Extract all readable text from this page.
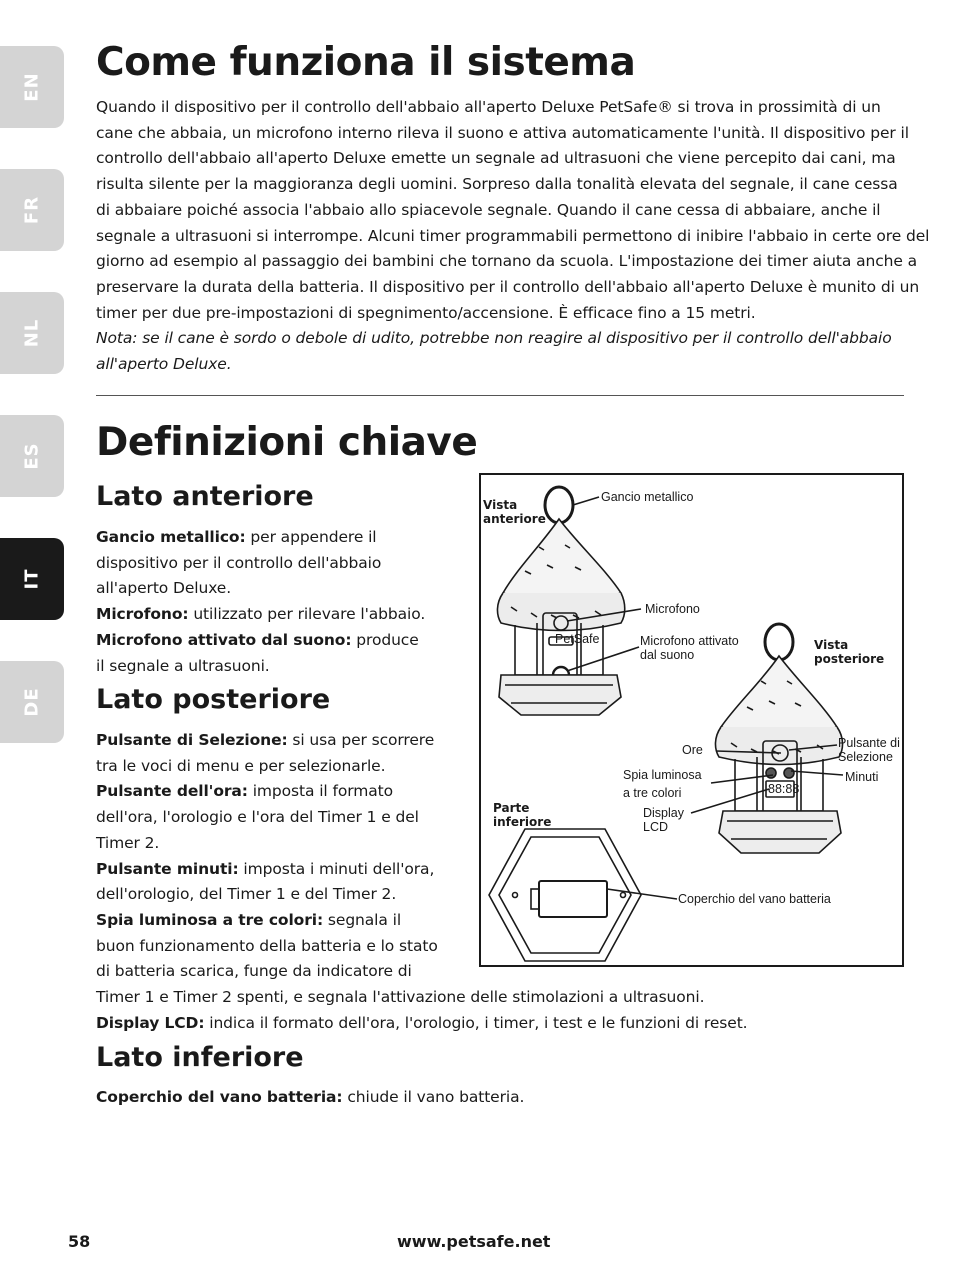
EN
FR
NL
ES
IT
DE
Come funziona il sistema

Quando il dispositivo per il controllo dell'abbaio all'aperto Deluxe PetSafe® si trova in prossimità di un

cane che abbaia, un microfono interno rileva il suono e attiva automaticamente l'unità. Il dispositivo per il

controllo dell'abbaio all'aperto Deluxe emette un segnale ad ultrasuoni che viene percepito dai cani, ma

risulta silente per la maggioranza degli uomini. Sorpreso dalla tonalità elevata del segnale, il cane cessa

di abbaiare poiché associa l'abbaio allo spiacevole segnale. Quando il cane cessa di abbaiare, anche il

segnale a ultrasuoni si interrompe. Alcuni timer programmabili permettono di inibire l'abbaio in certe ore del

giorno ad esempio al passaggio dei bambini che tornano da scuola. L'impostazione dei timer aiuta anche a

preservare la durata della batteria. Il dispositivo per il controllo dell'abbaio all'aperto Deluxe è munito di un

timer per due pre-impostazioni di spegnimento/accensione. È efficace fino a 15 metri.

Nota: se il cane è sordo o debole di udito, potrebbe non reagire al dispositivo per il controllo dell'abbaio

all'aperto Deluxe.

Definizioni chiave
Lato anteriore

Gancio metallico: per appendere il

dispositivo per il controllo dell'abbaio

all'aperto Deluxe.

Microfono: utilizzato per rilevare l'abbaio.

Microfono attivato dal suono: produce

il segnale a ultrasuoni.

Lato posteriore

Pulsante di Selezione: si usa per scorrere

tra le voci di menu e per selezionarle.

Pulsante dell'ora: imposta il formato

dell'ora, l'orologio e l'ora del Timer 1 e del

Timer 2.

Pulsante minuti: imposta i minuti dell'ora,

dell'orologio, del Timer 1 e del Timer 2.

Spia luminosa a tre colori: segnala il

buon funzionamento della batteria e lo stato

di batteria scarica, funge da indicatore di

Timer 1 e Timer 2 spenti, e segnala l'attivazione delle stimolazioni a ultrasuoni.

Display LCD: indica il formato dell'ora, l'orologio, i timer, i test e le funzioni di reset.

Lato inferiore

Coperchio del vano batteria: chiude il vano batteria.

PetSafe
88:88
Vista
anteriore
Gancio metallico
Microfono
Microfono attivato
dal suono
Vista
posteriore
Ore	Pulsante di
Selezione
Minuti
Spia luminosa
a tre colori
Display
LCD
Parte
inferiore
Coperchio del vano batteria
58	www.petsafe.net
